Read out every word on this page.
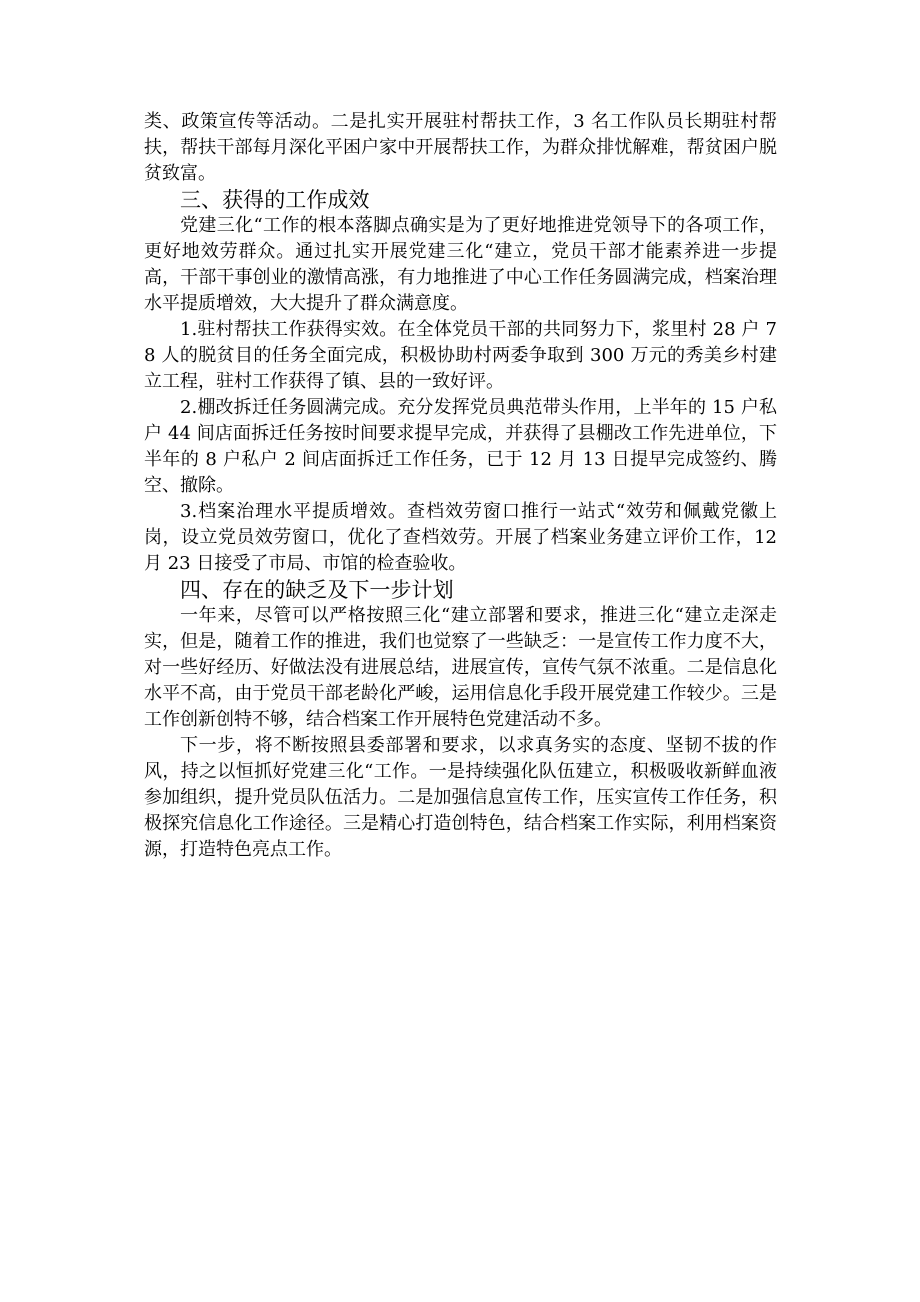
类、政策宣传等活动。二是扎实开展驻村帮扶工作，3 名工作队员长期驻村帮扶，帮扶干部每月深化平困户家中开展帮扶工作，为群众排忧解难，帮贫困户脱贫致富。

三、获得的工作成效

党建三化“工作的根本落脚点确实是为了更好地推进党领导下的各项工作，更好地效劳群众。通过扎实开展党建三化“建立，党员干部才能素养进一步提高，干部干事创业的激情高涨，有力地推进了中心工作任务圆满完成，档案治理水平提质增效，大大提升了群众满意度。

1.驻村帮扶工作获得实效。在全体党员干部的共同努力下，浆里村 28 户 78 人的脱贫目的任务全面完成，积极协助村两委争取到 300 万元的秀美乡村建立工程，驻村工作获得了镇、县的一致好评。

2.棚改拆迁任务圆满完成。充分发挥党员典范带头作用，上半年的 15 户私户 44 间店面拆迁任务按时间要求提早完成，并获得了县棚改工作先进单位，下半年的 8 户私户 2 间店面拆迁工作任务，已于 12 月 13 日提早完成签约、腾空、撤除。

3.档案治理水平提质增效。查档效劳窗口推行一站式“效劳和佩戴党徽上岗，设立党员效劳窗口，优化了查档效劳。开展了档案业务建立评价工作，12 月 23 日接受了市局、市馆的检查验收。

四、存在的缺乏及下一步计划

一年来，尽管可以严格按照三化“建立部署和要求，推进三化“建立走深走实，但是，随着工作的推进，我们也觉察了一些缺乏：一是宣传工作力度不大，对一些好经历、好做法没有进展总结，进展宣传，宣传气氛不浓重。二是信息化水平不高，由于党员干部老龄化严峻，运用信息化手段开展党建工作较少。三是工作创新创特不够，结合档案工作开展特色党建活动不多。

下一步，将不断按照县委部署和要求，以求真务实的态度、坚韧不拔的作风，持之以恒抓好党建三化“工作。一是持续强化队伍建立，积极吸收新鲜血液参加组织，提升党员队伍活力。二是加强信息宣传工作，压实宣传工作任务，积极探究信息化工作途径。三是精心打造创特色，结合档案工作实际，利用档案资源，打造特色亮点工作。
